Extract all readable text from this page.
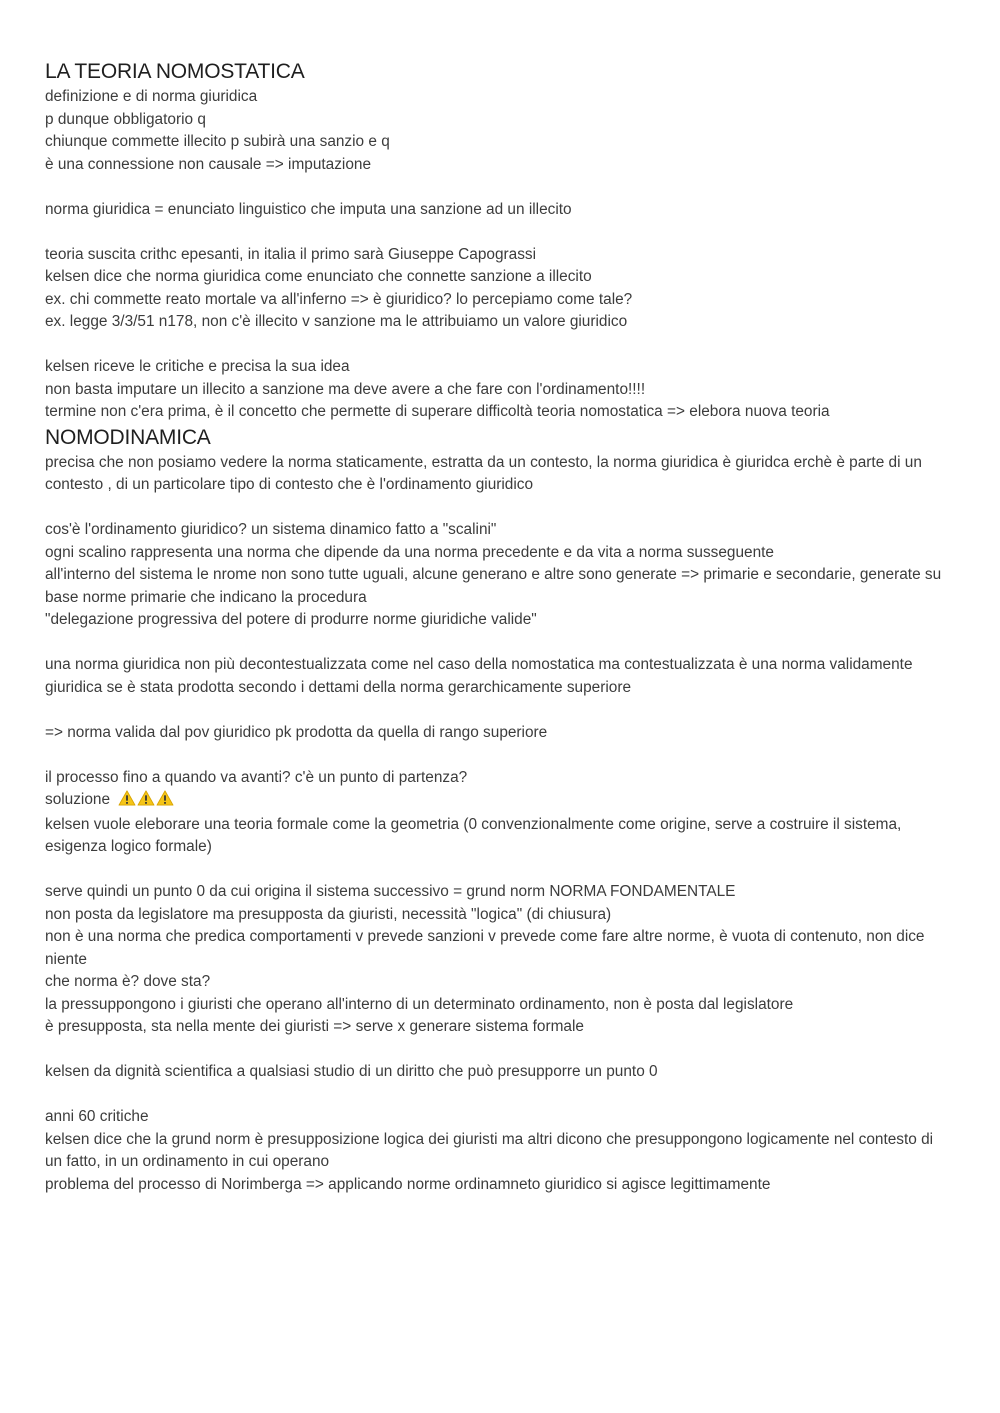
LA TEORIA NOMOSTATICA

definizione e di norma giuridica

p dunque obbligatorio q

chiunque commette illecito p subirà una sanzio e q

è una connessione non causale => imputazione

norma giuridica = enunciato linguistico che imputa una sanzione ad un illecito

teoria suscita crithc epesanti, in italia il primo sarà Giuseppe Capograssi

kelsen dice che norma giuridica come enunciato che connette sanzione a illecito

ex. chi commette reato mortale va all'inferno => è giuridico? lo percepiamo come tale?

ex. legge 3/3/51 n178, non c'è illecito v sanzione ma le attribuiamo un valore giuridico

kelsen riceve le critiche e precisa la sua idea

non basta imputare un illecito a sanzione ma deve avere a che fare con l'ordinamento!!!!

termine non c'era prima, è il concetto che permette di superare difficoltà teoria nomostatica => elebora nuova teoria

NOMODINAMICA

precisa che non posiamo vedere la norma staticamente, estratta da un contesto, la norma giuridica è giuridca erchè è parte di un contesto , di un particolare tipo di contesto che è l'ordinamento giuridico

cos'è l'ordinamento giuridico? un sistema dinamico fatto a "scalini"

ogni scalino rappresenta una norma che dipende da una norma precedente e da vita a norma susseguente

all'interno del sistema le nrome non sono tutte uguali, alcune generano e altre sono generate => primarie e secondarie, generate su base norme primarie che indicano la procedura

"delegazione progressiva del potere di produrre norme giuridiche valide"

una norma giuridica non più decontestualizzata come nel caso della nomostatica ma contestualizzata è una norma validamente giuridica se è stata prodotta secondo i dettami della norma gerarchicamente superiore

=> norma valida dal pov giuridico pk prodotta da quella di rango superiore

il processo fino a quando va avanti? c'è un punto di partenza?

soluzione

kelsen vuole eleborare una teoria formale come la geometria (0 convenzionalmente come origine, serve a costruire il sistema, esigenza logico formale)

serve quindi un punto 0 da cui origina il sistema successivo = grund norm NORMA FONDAMENTALE

non posta da legislatore ma presupposta da giuristi, necessità "logica" (di chiusura)

non è una norma che predica comportamenti v prevede sanzioni v prevede come fare altre norme, è vuota di contenuto, non dice niente

che norma è? dove sta?

la pressuppongono i giuristi che operano all'interno di un determinato ordinamento, non è posta dal legislatore

è presupposta, sta nella mente dei giuristi => serve x generare sistema formale

kelsen da dignità scientifica a qualsiasi studio di un diritto che può presupporre un punto 0

anni 60 critiche

kelsen dice che la grund norm è presupposizione logica dei giuristi ma altri dicono che presuppongono logicamente nel contesto di un fatto, in un ordinamento in cui operano

problema del processo di Norimberga => applicando norme ordinamneto giuridico si agisce legittimamente
